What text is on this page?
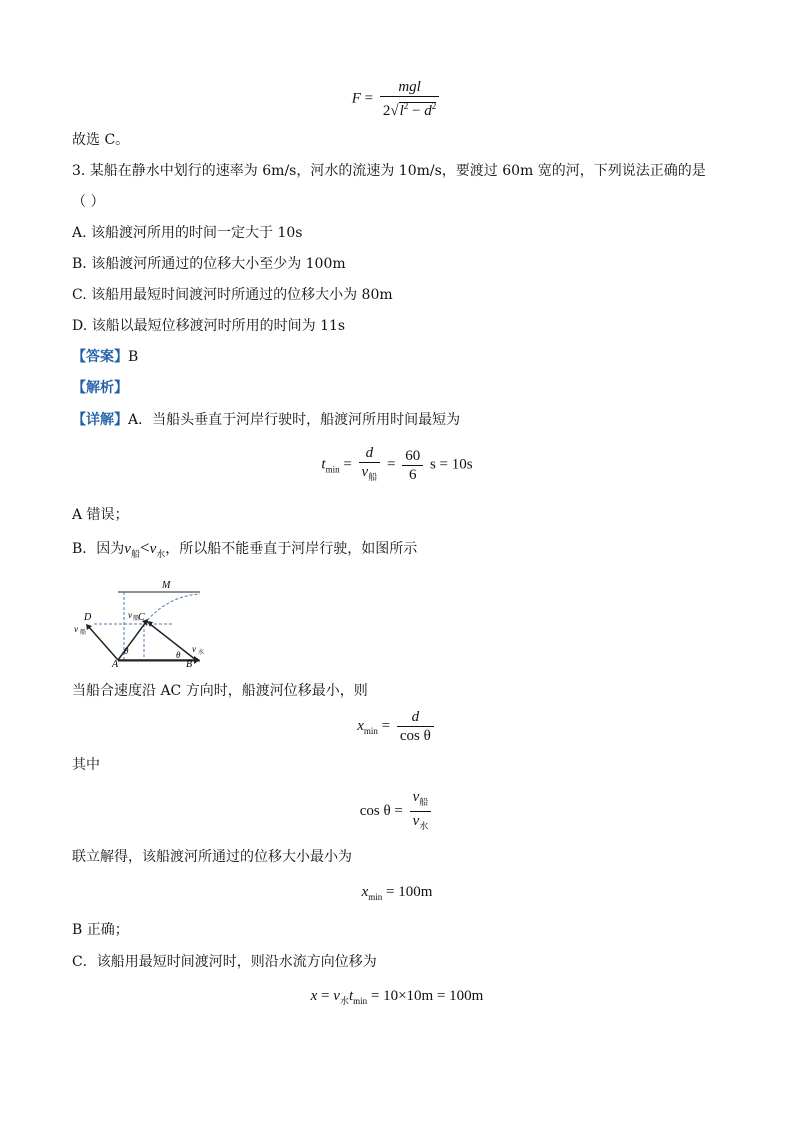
$F = \frac{\text{mgl}}{2√l^2 - d^2}$
故选 C。
3. 某船在静水中划行的速率为 6m/s，河水的流速为 10m/s，要渡过 60m 宽的河，下列说法正确的是
（ ）
A. 该船渡河所用的时间一定大于 10s
B. 该船渡河所通过的位移大小至少为 100m
C. 该船用最短时间渡河时所通过的位移大小为 80m
D. 该船以最短位移渡河时所用的时间为 11s
【答案】B
【解析】
【详解】A．当船头垂直于河岸行驶时，船渡河所用时间最短为
$t_{min} = \frac{d}{v_船} = \frac{60}{6}$ s = 10s
A 错误；
B．因为$v_船<v_水$，所以船不能垂直于河岸行驶，如图所示
M
D	C
A	B
θ	θ
v 船
v 船
v 水
当船合速度沿 AC 方向时，船渡河位移最小，则
$x_{min} = \frac{d}{\text{cos θ}}$
其中
$\cos \theta = \frac{v_船}{v_水}$
联立解得，该船渡河所通过的位移大小最小为
$x_{min} = 100m$
B 正确；
C．该船用最短时间渡河时，则沿水流方向位移为
$x = v_水t_{min} = 10\times 10m = 100m$
